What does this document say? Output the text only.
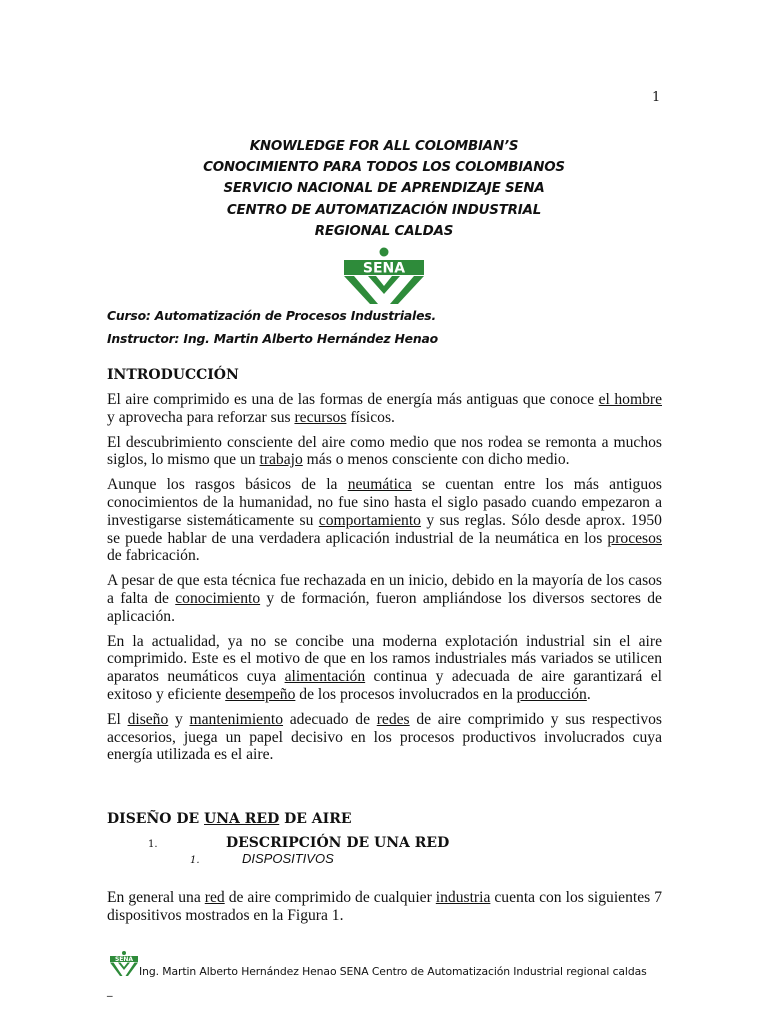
1
KNOWLEDGE FOR ALL COLOMBIAN’S
CONOCIMIENTO PARA TODOS LOS COLOMBIANOS
SERVICIO NACIONAL DE APRENDIZAJE SENA
CENTRO DE AUTOMATIZACIÓN INDUSTRIAL
REGIONAL CALDAS
SENA
Curso: Automatización de Procesos Industriales.
Instructor: Ing. Martin Alberto Hernández Henao
INTRODUCCIÓN

El aire comprimido es una de las formas de energía más antiguas que conoce el hombre y aprovecha para reforzar sus recursos físicos.

El descubrimiento consciente del aire como medio que nos rodea se remonta a muchos siglos, lo mismo que un trabajo más o menos consciente con dicho medio.

Aunque los rasgos básicos de la neumática se cuentan entre los más antiguos conocimientos de la humanidad, no fue sino hasta el siglo pasado cuando empezaron a investigarse sistemáticamente su comportamiento y sus reglas. Sólo desde aprox. 1950 se puede hablar de una verdadera aplicación industrial de la neumática en los procesos de fabricación.

A pesar de que esta técnica fue rechazada en un inicio, debido en la mayoría de los casos a falta de conocimiento y de formación, fueron ampliándose los diversos sectores de aplicación.

En la actualidad, ya no se concibe una moderna explotación industrial sin el aire comprimido. Este es el motivo de que en los ramos industriales más variados se utilicen aparatos neumáticos cuya alimentación continua y adecuada de aire garantizará el exitoso y eficiente desempeño de los procesos involucrados en la producción.

El diseño y mantenimiento adecuado de redes de aire comprimido y sus respectivos accesorios, juega un papel decisivo en los procesos productivos involucrados cuya energía utilizada es el aire.

DISEÑO DE UNA RED DE AIRE
1.	DESCRIPCIÓN DE UNA RED
1.	DISPOSITIVOS
En general una red de aire comprimido de cualquier industria cuenta con los siguientes 7 dispositivos mostrados en la Figura 1.
SENA
Ing. Martin Alberto Hernández Henao SENA Centro de Automatización Industrial regional caldas
_
